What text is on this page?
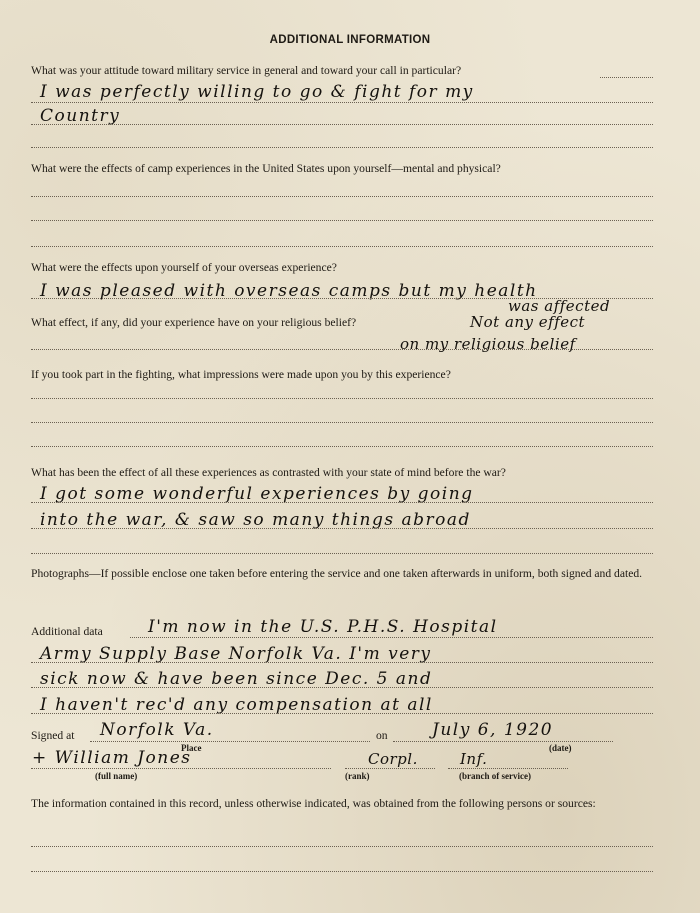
ADDITIONAL INFORMATION
What was your attitude toward military service in general and toward your call in particular?
I was perfectly willing to go & fight for my
Country
What were the effects of camp experiences in the United States upon yourself—mental and physical?
What were the effects upon yourself of your overseas experience?
I was pleased with overseas camps but my health
was affected
What effect, if any, did your experience have on your religious belief?	Not any effect
on my religious belief
If you took part in the fighting, what impressions were made upon you by this experience?
What has been the effect of all these experiences as contrasted with your state of mind before the war?
I got some wonderful experiences by going
into the war, & saw so many things abroad
Photographs—If possible enclose one taken before entering the service and one taken afterwards in uniform, both signed and dated.
Additional data	I'm now in the U.S. P.H.S. Hospital
Army Supply Base Norfolk Va. I'm very
sick now & have been since Dec. 5 and
I haven't rec'd any compensation at all
Signed at Norfolk Va.	on	July 6, 1920
Place	(date)
+ William Jones	Corpl.	Inf.
(full name)	(rank)	(branch of service)
The information contained in this record, unless otherwise indicated, was obtained from the following persons or sources:
